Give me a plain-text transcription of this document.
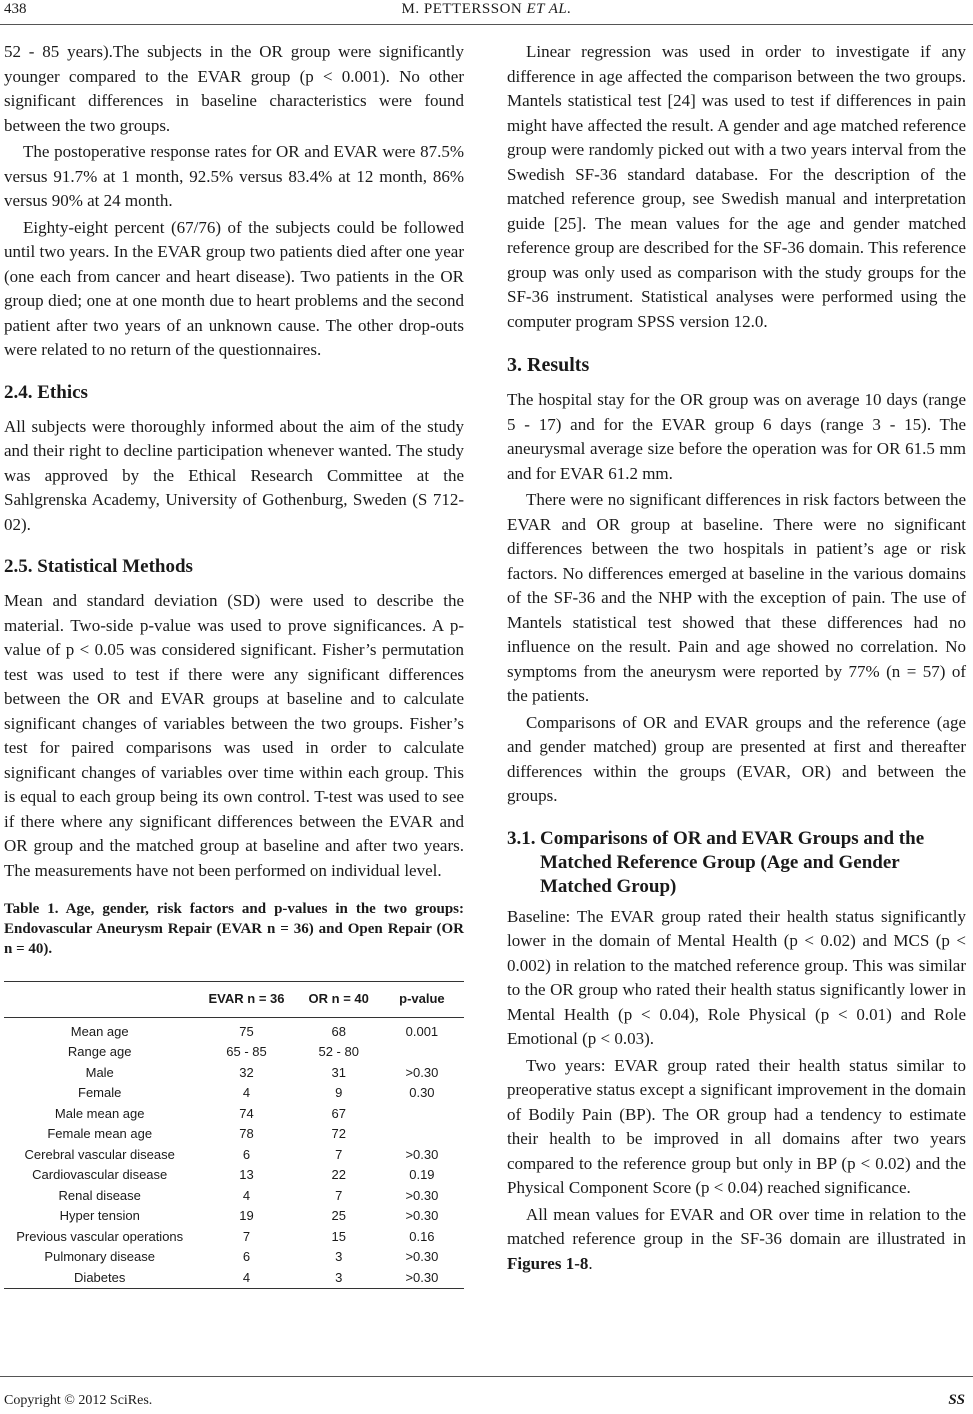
438	M. PETTERSSON ET AL.

52 - 85 years).The subjects in the OR group were significantly younger compared to the EVAR group (p < 0.001). No other significant differences in baseline characteristics were found between the two groups.

The postoperative response rates for OR and EVAR were 87.5% versus 91.7% at 1 month, 92.5% versus 83.4% at 12 month, 86% versus 90% at 24 month.

Eighty-eight percent (67/76) of the subjects could be followed until two years. In the EVAR group two patients died after one year (one each from cancer and heart disease). Two patients in the OR group died; one at one month due to heart problems and the second patient after two years of an unknown cause. The other drop-outs were related to no return of the questionnaires.

2.4. Ethics

All subjects were thoroughly informed about the aim of the study and their right to decline participation whenever wanted. The study was approved by the Ethical Research Committee at the Sahlgrenska Academy, University of Gothenburg, Sweden (S 712-02).

2.5. Statistical Methods

Mean and standard deviation (SD) were used to describe the material. Two-side p-value was used to prove significances. A p-value of p < 0.05 was considered significant. Fisher’s permutation test was used to test if there were any significant differences between the OR and EVAR groups at baseline and to calculate significant changes of variables between the two groups. Fisher’s test for paired comparisons was used in order to calculate significant changes of variables over time within each group. This is equal to each group being its own control. T-test was used to see if there where any significant differences between the EVAR and OR group and the matched group at baseline and after two years. The measurements have not been performed on individual level.

Table 1. Age, gender, risk factors and p-values in the two groups: Endovascular Aneurysm Repair (EVAR n = 36) and Open Repair (OR n = 40).
	EVAR n = 36	OR n = 40	p-value
Mean age	75	68	0.001
Range age	65 - 85	52 - 80	
Male	32	31	>0.30
Female	4	9	0.30
Male mean age	74	67	
Female mean age	78	72	
Cerebral vascular disease	6	7	>0.30
Cardiovascular disease	13	22	0.19
Renal disease	4	7	>0.30
Hyper tension	19	25	>0.30
Previous vascular operations	7	15	0.16
Pulmonary disease	6	3	>0.30
Diabetes	4	3	>0.30

Linear regression was used in order to investigate if any difference in age affected the comparison between the two groups. Mantels statistical test [24] was used to test if differences in pain might have affected the result. A gender and age matched reference group were randomly picked out with a two years interval from the Swedish SF-36 standard database. For the description of the matched reference group, see Swedish manual and interpretation guide [25]. The mean values for the age and gender matched reference group are described for the SF-36 domain. This reference group was only used as comparison with the study groups for the SF-36 instrument. Statistical analyses were performed using the computer program SPSS version 12.0.

3. Results

The hospital stay for the OR group was on average 10 days (range 5 - 17) and for the EVAR group 6 days (range 3 - 15). The aneurysmal average size before the operation was for OR 61.5 mm and for EVAR 61.2 mm.

There were no significant differences in risk factors between the EVAR and OR group at baseline. There were no significant differences between the two hospitals in patient’s age or risk factors. No differences emerged at baseline in the various domains of the SF-36 and the NHP with the exception of pain. The use of Mantels statistical test showed that these differences had no influence on the result. Pain and age showed no correlation. No symptoms from the aneurysm were reported by 77% (n = 57) of the patients.

Comparisons of OR and EVAR groups and the reference (age and gender matched) group are presented at first and thereafter differences within the groups (EVAR, OR) and between the groups.

3.1. Comparisons of OR and EVAR Groups and the Matched Reference Group (Age and Gender Matched Group)

Baseline: The EVAR group rated their health status significantly lower in the domain of Mental Health (p < 0.02) and MCS (p < 0.002) in relation to the matched reference group. This was similar to the OR group who rated their health status significantly lower in Mental Health (p < 0.04), Role Physical (p < 0.01) and Role Emotional (p < 0.03).

Two years: EVAR group rated their health status similar to preoperative status except a significant improvement in the domain of Bodily Pain (BP). The OR group had a tendency to estimate their health to be improved in all domains after two years compared to the reference group but only in BP (p < 0.02) and the Physical Component Score (p < 0.04) reached significance.

All mean values for EVAR and OR over time in relation to the matched reference group in the SF-36 domain are illustrated in Figures 1-8.

Copyright © 2012 SciRes.	SS
